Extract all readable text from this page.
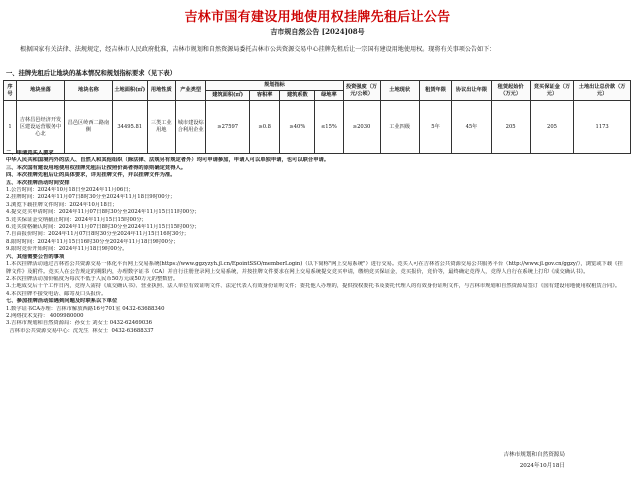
吉林市国有建设用地使用权挂牌先租后让公告
吉市规自然公告 [2024]08号

根据国家有关法律、法规规定，经吉林市人民政府批准，吉林市规划和自然资源局委托吉林市公共资源交易中心挂牌先租后让一宗国有建设用地使用权。现将有关事项公告如下：

一、挂牌先租后让地块的基本情况和规划指标要求（见下表）
序号	地块坐落	地块名称	土地面积(㎡)	用地性质	产业类型	规划指标				投资强度（万元/公顷）	土地现状	租赁年限	协议出让年限	租赁起始价（万元）	竞买保证金（万元）	土地出让总价款（万元）
						建筑面积(㎡)	容积率	建筑系数	绿地率							
1	吉林昌邑经济开发区建设运营服务中心北	昌邑区岭西二路南侧	34495.81	三类工业用地	城市建设综合利用企业	≥27597	≥0.8	≥40%	≤15%	≥2030	工业四级	5年	45年	205	205	1173
二、申请竞买人要求
中华人民共和国境内外的法人、自然人和其他组织（除法律、法规另有规定者外）均可申请参加，申请人可以单独申请，也可以联合申请。
三、本次国有建设用地使用权挂牌先租后让按照价高者得的原则确定竞得人。
四、本次挂牌先租后让的具体要求，详见挂牌文件，并以挂牌文件为准。
五、本次挂牌活动时间安排
1.公告时间：2024年10月18日至2024年11月06日；
2.挂牌时间：2024年11月07日8时30分至2024年11月18日9时00分；
3.浏览下载挂牌文件时间：2024年10月18日；
4.提交竞买申请时间：2024年11月07日8时30分至2024年11月15日11时00分；
5.竞买保证金交纳截止时间：2024年11月15日15时00分；
6.竞买资格确认时间：2024年11月07日8时30分至2024年11月15日15时00分；
7.自由报价时间：2024年11月07日8时30分至2024年11月15日16时30分；
8.限时时间：2024年11月15日16时30分至2024年11月18日9时00分；
9.限时竞价开始时间：2024年11月18日9时00分。
六、其他需要公告的事项
1.本次挂牌活动通过吉林省公共资源交易一体化平台网上交易系统(https://www.ggzyzyh.jl.cn/EpointSSO/memberLogin)（以下简称"网上交易系统"）进行交易。竞买人可在吉林省公共资源交易公共服务平台（http://www.jl.gov.cn/ggzy/），浏览或下载《挂牌文件》及附件。竞买人在公告规定的期限内，办理数字证书（CA）并自行注册登录网上交易系统，并按挂牌文件要求在网上交易系统提交竞买申请，缴纳竞买保证金，竞买报价，竞价等，最终确定竞得人，竞得人自行在系统上打印《成交确认书》。
2.本次挂牌活动加价幅度为每次不低于人民币50万元或50万元的整数倍。
3.土地成交后十个工作日内，竞得人需持《成交确认书》、营业执照、法人单位有效证明文件、法定代表人有效身份证明文件；委托他人办理的，提供授权委托书及委托代理人的有效身份证明文件，与吉林市规划和自然资源局签订《国有建设用地使用权租赁合同》。
4.本次挂牌不接受电话、邮寄及口头报价。
七、参加挂牌活动如遇到问题及时联系以下单位
1.数字证书CA办理：吉林市解放西路16号701室 0432-63688340
2.网络技术支持： 4009980000
3.吉林市规划和自然资源局：孙女士 刘女士 0432-62469036
吉林市公共资源交易中心：沈先生  林女士  0432-63688337
吉林市规划和自然资源局
2024年10月18日
